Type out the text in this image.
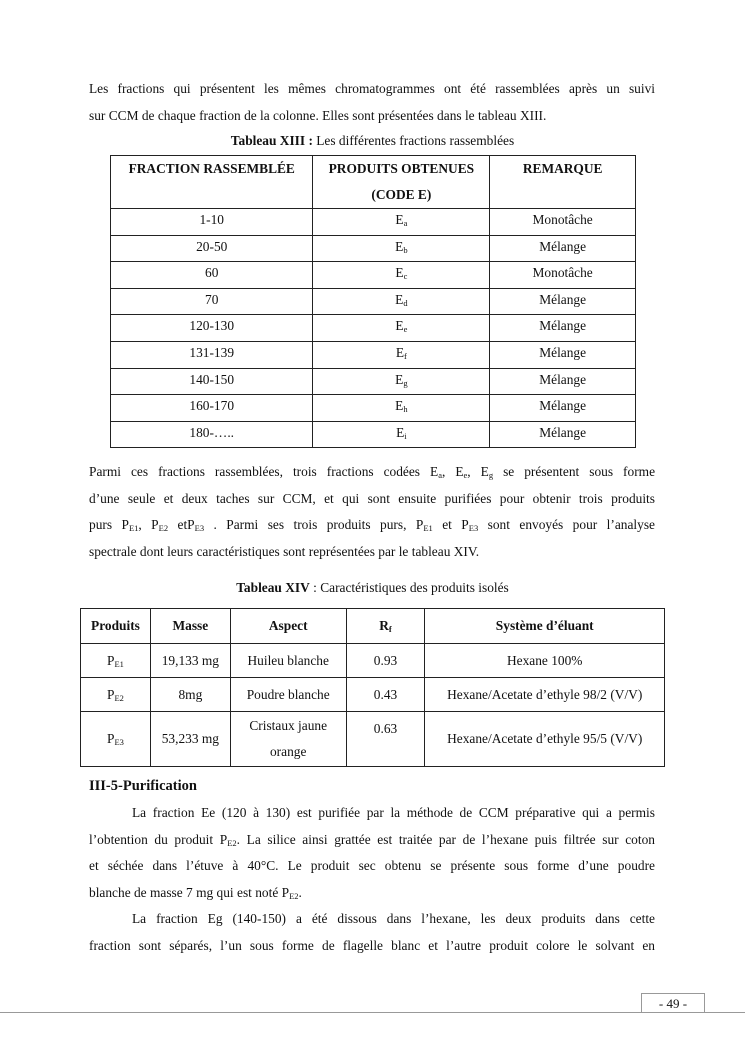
Les fractions qui présentent les mêmes chromatogrammes ont été rassemblées après un suivi
sur CCM de chaque fraction de la colonne. Elles sont présentées dans le tableau XIII.

Tableau XIII : Les différentes fractions rassemblées

FRACTION RASSEMBLÉE	PRODUITS OBTENUES (CODE E)	REMARQUE
1-10	$E_a$	Monotâche
20-50	$E_b$	Mélange
60	$E_c$	Monotâche
70	$E_d$	Mélange
120-130	$E_e$	Mélange
131-139	$E_f$	Mélange
140-150	$E_g$	Mélange
160-170	$E_h$	Mélange
180-…..	$E_i$	Mélange

Parmi ces fractions rassemblées, trois fractions codées $E_a$, $E_e$, $E_g$ se présentent sous forme
d’une seule et deux taches sur CCM, et qui sont ensuite purifiées pour obtenir trois produits
purs $P_{E1}$, $P_{E2}$ etP$_{E3}$ . Parmi ses trois produits purs, $P_{E1}$ et $P_{E3}$ sont envoyés pour l’analyse
spectrale dont leurs caractéristiques sont représentées par le tableau XIV.

Tableau XIV : Caractéristiques des produits isolés

Produits	Masse	Aspect	$R_f$	Système d’éluant
$P_{E1}$	19,133 mg	Huileu blanche	0.93	Hexane 100%
$P_{E2}$	8mg	Poudre blanche	0.43	Hexane/Acetate d’ethyle 98/2 (V/V)
$P_{E3}$	53,233 mg	Cristaux jaune
orange	0.63	Hexane/Acetate d’ethyle 95/5 (V/V)

III-5-Purification

La fraction Ee (120 à 130) est purifiée par la méthode de CCM préparative qui a permis
l’obtention du produit $P_{E2}$. La silice ainsi grattée est traitée par de l’hexane puis filtrée sur coton
et séchée dans l’étuve à 40°C. Le produit sec obtenu se présente sous forme d’une poudre
blanche de masse 7 mg qui est noté $P_{E2}$.
La fraction Eg (140-150) a été dissous dans l’hexane, les deux produits dans cette
fraction sont séparés, l’un sous forme de flagelle blanc et l’autre produit colore le solvant en

- 49 -
